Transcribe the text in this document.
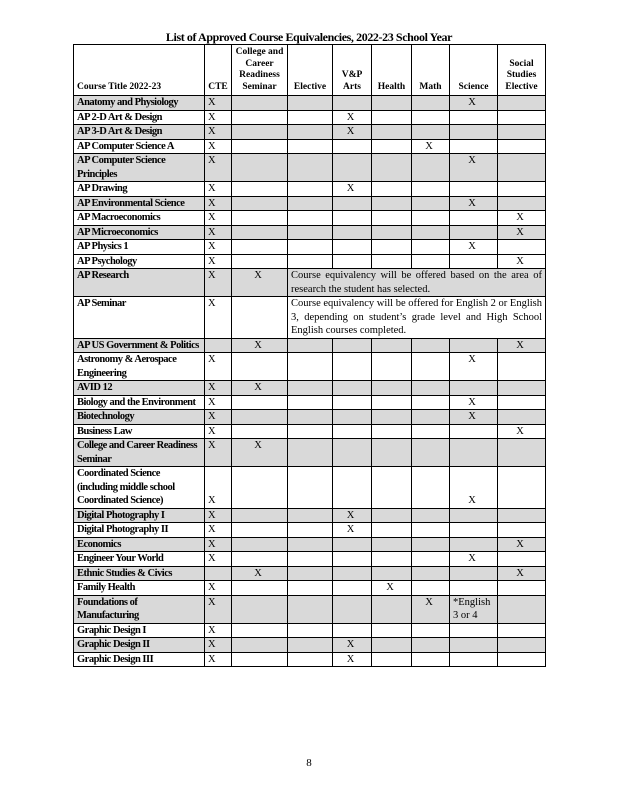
List of Approved Course Equivalencies, 2022-23 School Year
Course Title 2022-23	CTE	College and Career Readiness Seminar	Elective	V&P Arts	Health	Math	Science	Social Studies Elective
Anatomy and Physiology	X						X	
AP 2-D Art & Design	X			X				
AP 3-D Art & Design	X			X				
AP Computer Science A	X					X		
AP Computer Science Principles	X						X	
AP Drawing	X			X				
AP Environmental Science	X						X	
AP Macroeconomics	X							X
AP Microeconomics	X							X
AP Physics 1	X						X	
AP Psychology	X							X
AP Research	X	X	Course equivalency will be offered based on the area of research the student has selected.					
AP Seminar	X		Course equivalency will be offered for English 2 or English 3, depending on student’s grade level and High School English courses completed.					
AP US Government & Politics		X						X
Astronomy & Aerospace Engineering	X						X	
AVID 12	X	X						
Biology and the Environment	X						X	
Biotechnology	X						X	
Business Law	X							X
College and Career Readiness Seminar	X	X						
Coordinated Science (including middle school Coordinated Science)	X						X	
Digital Photography I	X			X				
Digital Photography II	X			X				
Economics	X							X
Engineer Your World	X						X	
Ethnic Studies & Civics		X						X
Family Health	X				X			
Foundations of Manufacturing	X					X	*English 3 or 4	
Graphic Design I	X							
Graphic Design II	X			X				
Graphic Design III	X			X				
8
